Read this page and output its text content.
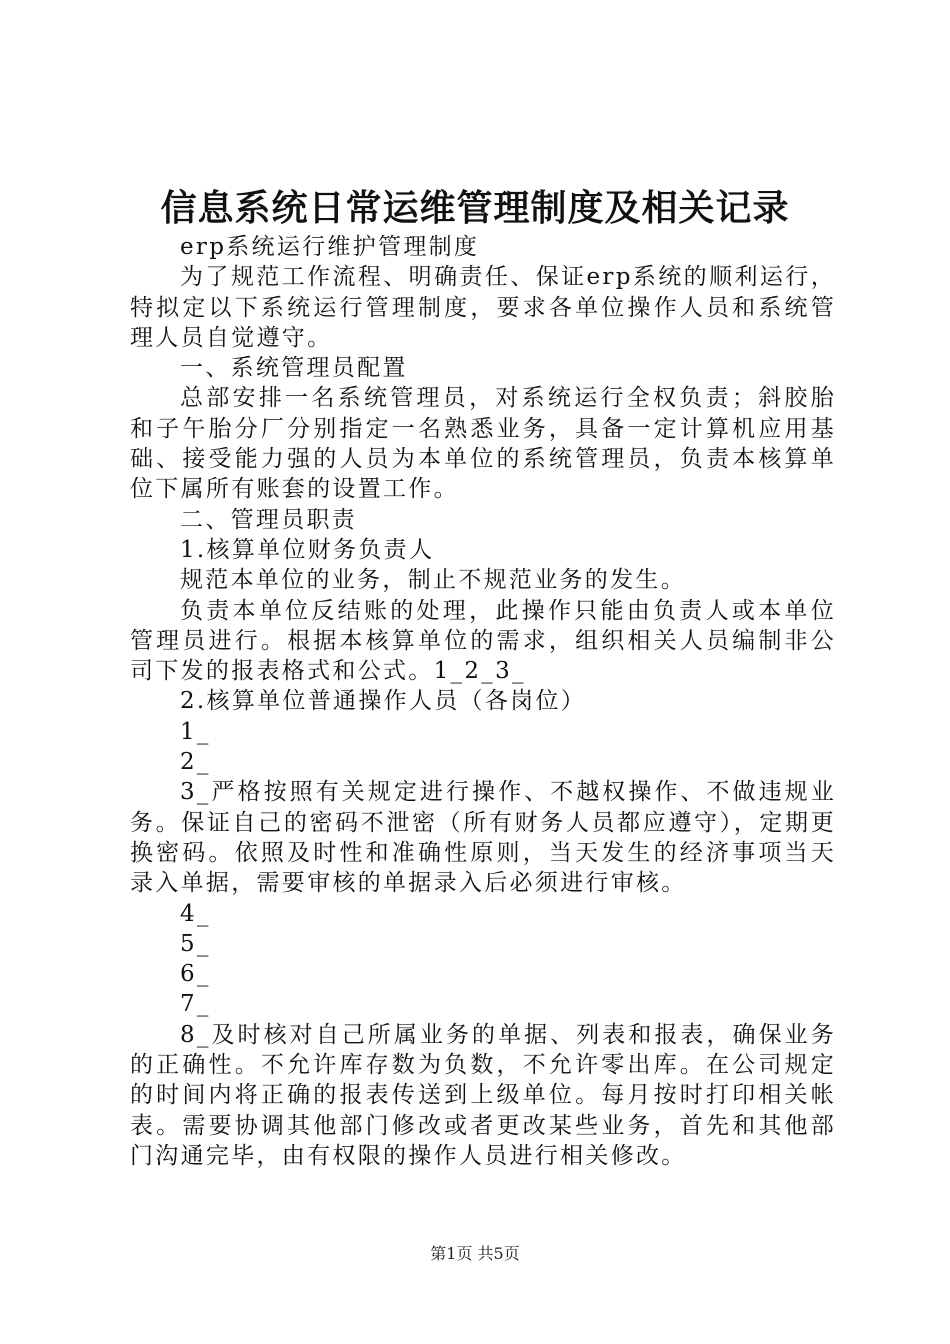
信息系统日常运维管理制度及相关记录

erp系统运行维护管理制度

为了规范工作流程、明确责任、保证erp系统的顺利运行，特拟定以下系统运行管理制度，要求各单位操作人员和系统管理人员自觉遵守。

一、系统管理员配置

总部安排一名系统管理员，对系统运行全权负责；斜胶胎和子午胎分厂分别指定一名熟悉业务，具备一定计算机应用基础、接受能力强的人员为本单位的系统管理员，负责本核算单位下属所有账套的设置工作。

二、管理员职责

1.核算单位财务负责人

规范本单位的业务，制止不规范业务的发生。

负责本单位反结账的处理，此操作只能由负责人或本单位管理员进行。根据本核算单位的需求，组织相关人员编制非公司下发的报表格式和公式。1_2_3_

2.核算单位普通操作人员（各岗位）

1_

2_

3_严格按照有关规定进行操作、不越权操作、不做违规业务。保证自己的密码不泄密（所有财务人员都应遵守），定期更换密码。依照及时性和准确性原则，当天发生的经济事项当天录入单据，需要审核的单据录入后必须进行审核。

4_

5_

6_

7_

8_及时核对自己所属业务的单据、列表和报表，确保业务的正确性。不允许库存数为负数，不允许零出库。在公司规定的时间内将正确的报表传送到上级单位。每月按时打印相关帐表。需要协调其他部门修改或者更改某些业务，首先和其他部门沟通完毕，由有权限的操作人员进行相关修改。

第1页 共5页
